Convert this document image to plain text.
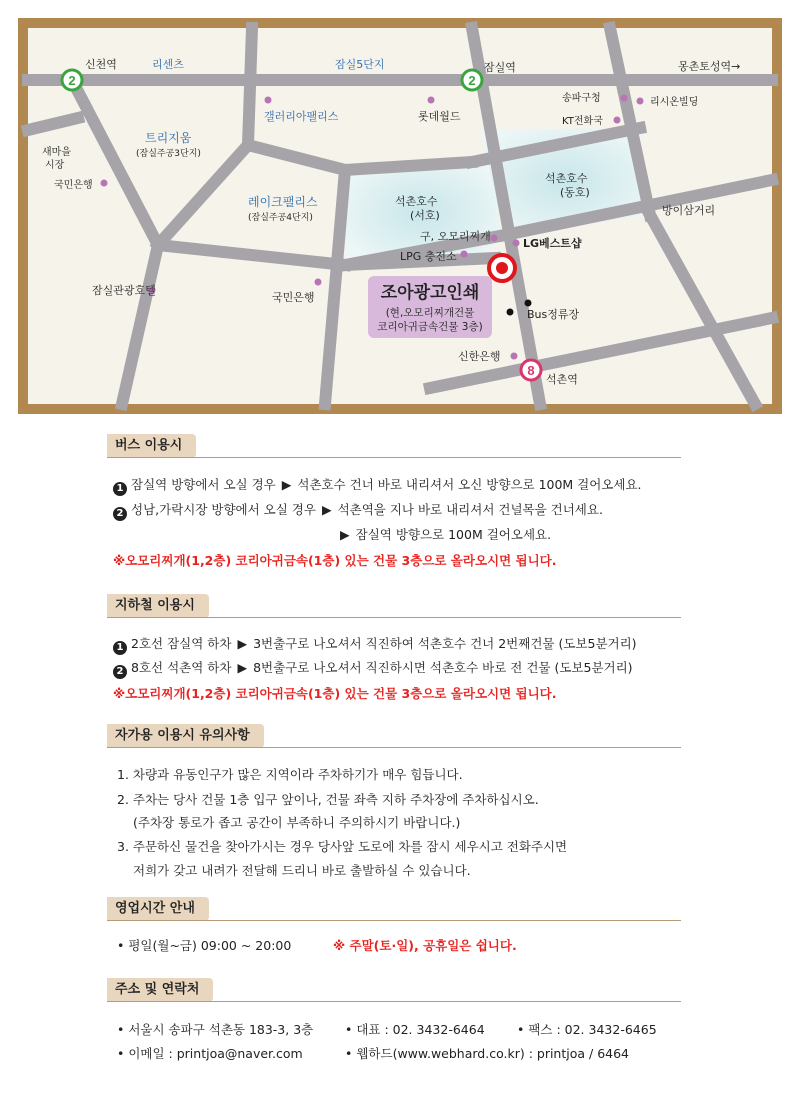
2	2
8
조아광고인쇄
(현,오모리찌개건물
코리아귀금속건물 3층)
신천역	리센츠	잠실5단지	잠실역	몽촌토성역→
송파구청	리시온빌딩
KT전화국
갤러리아팰리스	롯데월드
트리지움
(잠실주공3단지)
새마을
시장
국민은행
레이크팰리스
(잠실주공4단지)
석촌호수
(서호)
석촌호수
(동호)
방이삼거리
구, 오모리찌개
LG베스트샵
LPG 충전소
잠실관광호텔
국민은행
Bus정류장
신한은행
석촌역
버스 이용시
1 잠실역 방향에서 오실 경우 ▶ 석촌호수 건너 바로 내리셔서 오신 방향으로 100M 걸어오세요.
2 성남,가락시장 방향에서 오실 경우 ▶ 석촌역을 지나 바로 내리셔서 건널목을 건너세요.
▶ 잠실역 방향으로 100M 걸어오세요.
※오모리찌개(1,2층) 코리아귀금속(1층) 있는 건물 3층으로 올라오시면 됩니다.
지하철 이용시
1 2호선 잠실역 하차 ▶ 3번출구로 나오셔서 직진하여 석촌호수 건너 2번째건물 (도보5분거리)
2 8호선 석촌역 하차 ▶ 8번출구로 나오셔서 직진하시면 석촌호수 바로 전 건물 (도보5분거리)
※오모리찌개(1,2층) 코리아귀금속(1층) 있는 건물 3층으로 올라오시면 됩니다.
자가용 이용시 유의사항
1. 차량과 유동인구가 많은 지역이라 주차하기가 매우 힘듭니다.
2. 주차는 당사 건물 1층 입구 앞이나, 건물 좌측 지하 주차장에 주차하십시오.
(주차장 통로가 좁고 공간이 부족하니 주의하시기 바랍니다.)
3. 주문하신 물건을 찾아가시는 경우 당사앞 도로에 차를 잠시 세우시고 전화주시면
저희가 갖고 내려가 전달해 드리니 바로 출발하실 수 있습니다.
영업시간 안내
• 평일(월~금) 09:00 ~ 20:00	※ 주말(토·일), 공휴일은 쉽니다.
주소 및 연락처
• 서울시 송파구 석촌동 183-3, 3층	• 대표 : 02. 3432-6464	• 팩스 : 02. 3432-6465
• 이메일 : printjoa@naver.com	• 웹하드(www.webhard.co.kr) : printjoa / 6464
